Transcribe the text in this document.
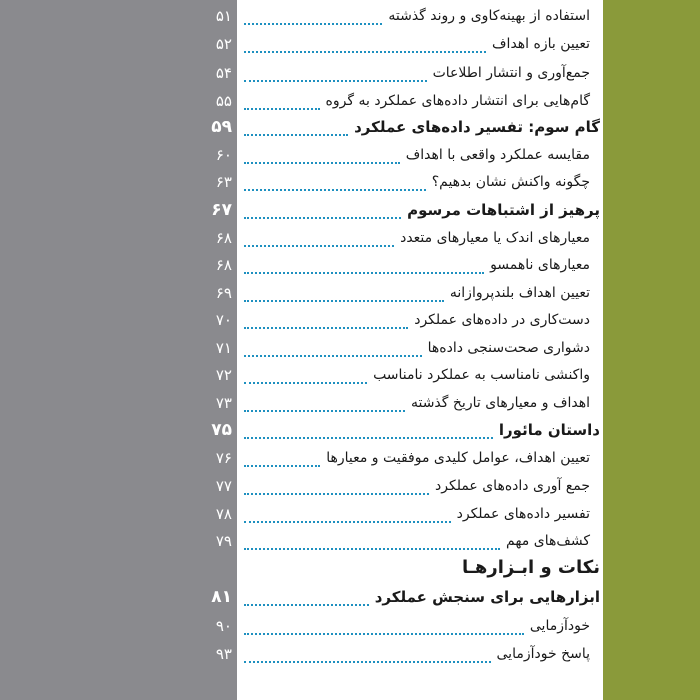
۵۱	استفاده از بهینه‌کاوی و روند گذشته
۵۲	تعیین بازه اهداف
۵۴	جمع‌آوری و انتشار اطلاعات
۵۵	گام‌هایی برای انتشار داده‌های عملکرد به گروه
۵۹	گام سوم: تفسیر داده‌های عملکرد
۶۰	مقایسه عملکرد واقعی با اهداف
۶۳	چگونه واکنش نشان بدهیم؟
۶۷	پرهیز از اشتباهات مرسوم
۶۸	معیارهای اندک یا معیارهای متعدد
۶۸	معیارهای ناهمسو
۶۹	تعیین اهداف بلندپروازانه
۷۰	دست‌کاری در داده‌های عملکرد
۷۱	دشواری صحت‌سنجی داده‌ها
۷۲	واکنشی نامناسب به عملکرد نامناسب
۷۳	اهداف و معیارهای تاریخ گذشته
۷۵	داستان مائورا
۷۶	تعیین اهداف، عوامل کلیدی موفقیت و معیارها
۷۷	جمع آوری داده‌های عملکرد
۷۸	تفسیر داده‌های عملکرد
۷۹	کشف‌های مهم
نکات و ابـزارهـا
۸۱	ابزارهایی برای سنجش عملکرد
۹۰	خودآزمایی
۹۳	پاسخ خودآزمایی
